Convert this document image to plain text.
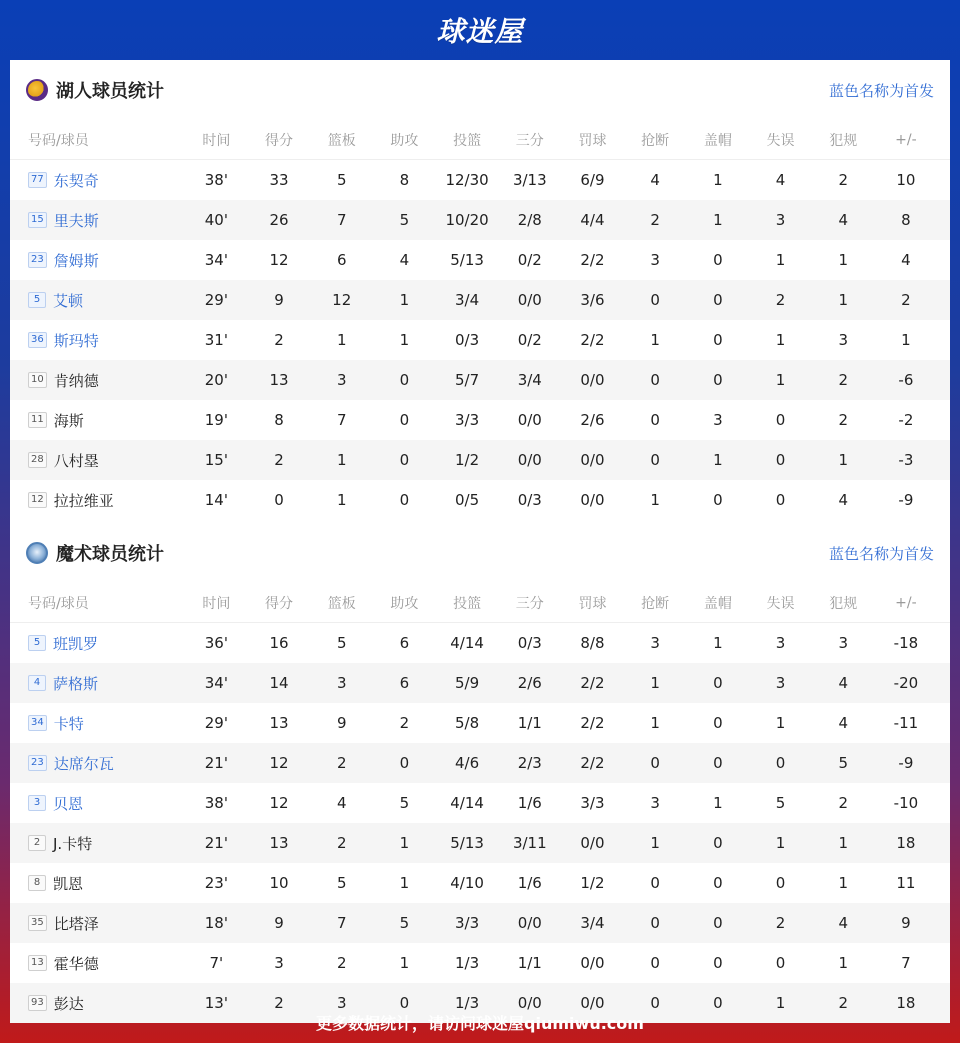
球迷屋
湖人球员统计	蓝色名称为首发
号码/球员	时间	得分	篮板	助攻	投篮	三分	罚球	抢断	盖帽	失误	犯规	+/-
77 东契奇	38'	33	5	8	12/30	3/13	6/9	4	1	4	2	10
15 里夫斯	40'	26	7	5	10/20	2/8	4/4	2	1	3	4	8
23 詹姆斯	34'	12	6	4	5/13	0/2	2/2	3	0	1	1	4
5 艾顿	29'	9	12	1	3/4	0/0	3/6	0	0	2	1	2
36 斯玛特	31'	2	1	1	0/3	0/2	2/2	1	0	1	3	1
10 肯纳德	20'	13	3	0	5/7	3/4	0/0	0	0	1	2	-6
11 海斯	19'	8	7	0	3/3	0/0	2/6	0	3	0	2	-2
28 八村塁	15'	2	1	0	1/2	0/0	0/0	0	1	0	1	-3
12 拉拉维亚	14'	0	1	0	0/5	0/3	0/0	1	0	0	4	-9
魔术球员统计	蓝色名称为首发
号码/球员	时间	得分	篮板	助攻	投篮	三分	罚球	抢断	盖帽	失误	犯规	+/-
5 班凯罗	36'	16	5	6	4/14	0/3	8/8	3	1	3	3	-18
4 萨格斯	34'	14	3	6	5/9	2/6	2/2	1	0	3	4	-20
34 卡特	29'	13	9	2	5/8	1/1	2/2	1	0	1	4	-11
23 达席尔瓦	21'	12	2	0	4/6	2/3	2/2	0	0	0	5	-9
3 贝恩	38'	12	4	5	4/14	1/6	3/3	3	1	5	2	-10
2 J.卡特	21'	13	2	1	5/13	3/11	0/0	1	0	1	1	18
8 凯恩	23'	10	5	1	4/10	1/6	1/2	0	0	0	1	11
35 比塔泽	18'	9	7	5	3/3	0/0	3/4	0	0	2	4	9
13 霍华德	7'	3	2	1	1/3	1/1	0/0	0	0	0	1	7
93 彭达	13'	2	3	0	1/3	0/0	0/0	0	0	1	2	18
更多数据统计，请访问球迷屋qiumiwu.com
